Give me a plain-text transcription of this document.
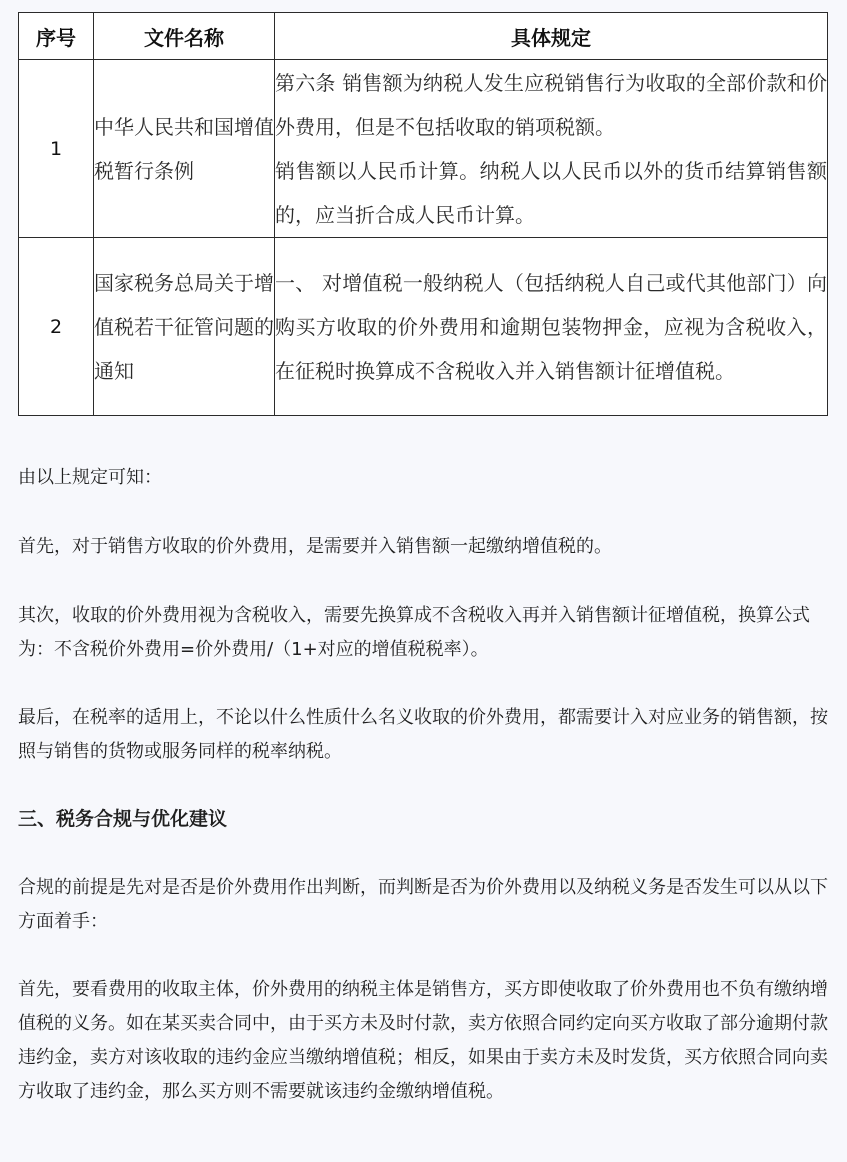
序号	文件名称	具体规定
1	中华人民共和国增值税暂行条例	第六条 销售额为纳税人发生应税销售行为收取的全部价款和价外费用，但是不包括收取的销项税额。

销售额以人民币计算。纳税人以人民币以外的货币结算销售额的，应当折合成人民币计算。

2	国家税务总局关于增值税若干征管问题的通知	一、 对增值税一般纳税人（包括纳税人自己或代其他部门）向购买方收取的价外费用和逾期包装物押金，应视为含税收入，在征税时换算成不含税收入并入销售额计征增值税。

由以上规定可知：

首先，对于销售方收取的价外费用，是需要并入销售额一起缴纳增值税的。

其次，收取的价外费用视为含税收入，需要先换算成不含税收入再并入销售额计征增值税，换算公式为：不含税价外费用=价外费用/（1+对应的增值税税率）。

最后，在税率的适用上，不论以什么性质什么名义收取的价外费用，都需要计入对应业务的销售额，按照与销售的货物或服务同样的税率纳税。

三、税务合规与优化建议

合规的前提是先对是否是价外费用作出判断，而判断是否为价外费用以及纳税义务是否发生可以从以下方面着手：

首先，要看费用的收取主体，价外费用的纳税主体是销售方，买方即使收取了价外费用也不负有缴纳增值税的义务。如在某买卖合同中，由于买方未及时付款，卖方依照合同约定向买方收取了部分逾期付款违约金，卖方对该收取的违约金应当缴纳增值税；相反，如果由于卖方未及时发货，买方依照合同向卖方收取了违约金，那么买方则不需要就该违约金缴纳增值税。
